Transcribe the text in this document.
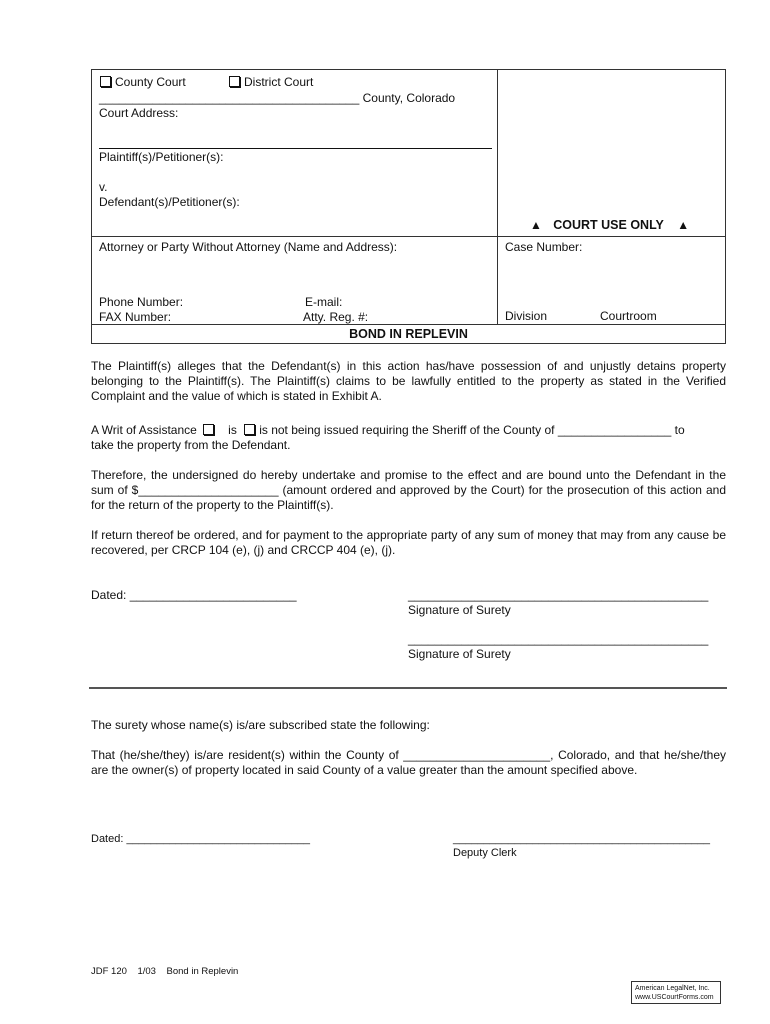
County Court	District Court
_______________________________________ County, Colorado
Court Address:
Plaintiff(s)/Petitioner(s):
v.
Defendant(s)/Petitioner(s):
▲ COURT USE ONLY ▲
Attorney or Party Without Attorney (Name and Address):	Case Number:
Phone Number:	E-mail:
FAX Number:	Atty. Reg. #:	Division	Courtroom
BOND IN REPLEVIN
The Plaintiff(s) alleges that the Defendant(s) in this action has/have possession of and unjustly detains property belonging to the Plaintiff(s). The Plaintiff(s) claims to be lawfully entitled to the property as stated in the Verified Complaint and the value of which is stated in Exhibit A.
A Writ of Assistance	is is not being issued requiring the Sheriff of the County of _________________ to
take the property from the Defendant.
Therefore, the undersigned do hereby undertake and promise to the effect and are bound unto the Defendant in the sum of $_____________________ (amount ordered and approved by the Court) for the prosecution of this action and for the return of the property to the Plaintiff(s).
If return thereof be ordered, and for payment to the appropriate party of any sum of money that may from any cause be recovered, per CRCP 104 (e), (j) and CRCCP 404 (e), (j).
Dated: _________________________	_____________________________________________
Signature of Surety
_____________________________________________
Signature of Surety
The surety whose name(s) is/are subscribed state the following:
That (he/she/they) is/are resident(s) within the County of ______________________, Colorado, and that he/she/they are the owner(s) of property located in said County of a value greater than the amount specified above.
Dated: ______________________________	__________________________________________
Deputy Clerk
JDF 120    1/03    Bond in Replevin
American LegalNet, Inc.
www.USCourtForms.com
